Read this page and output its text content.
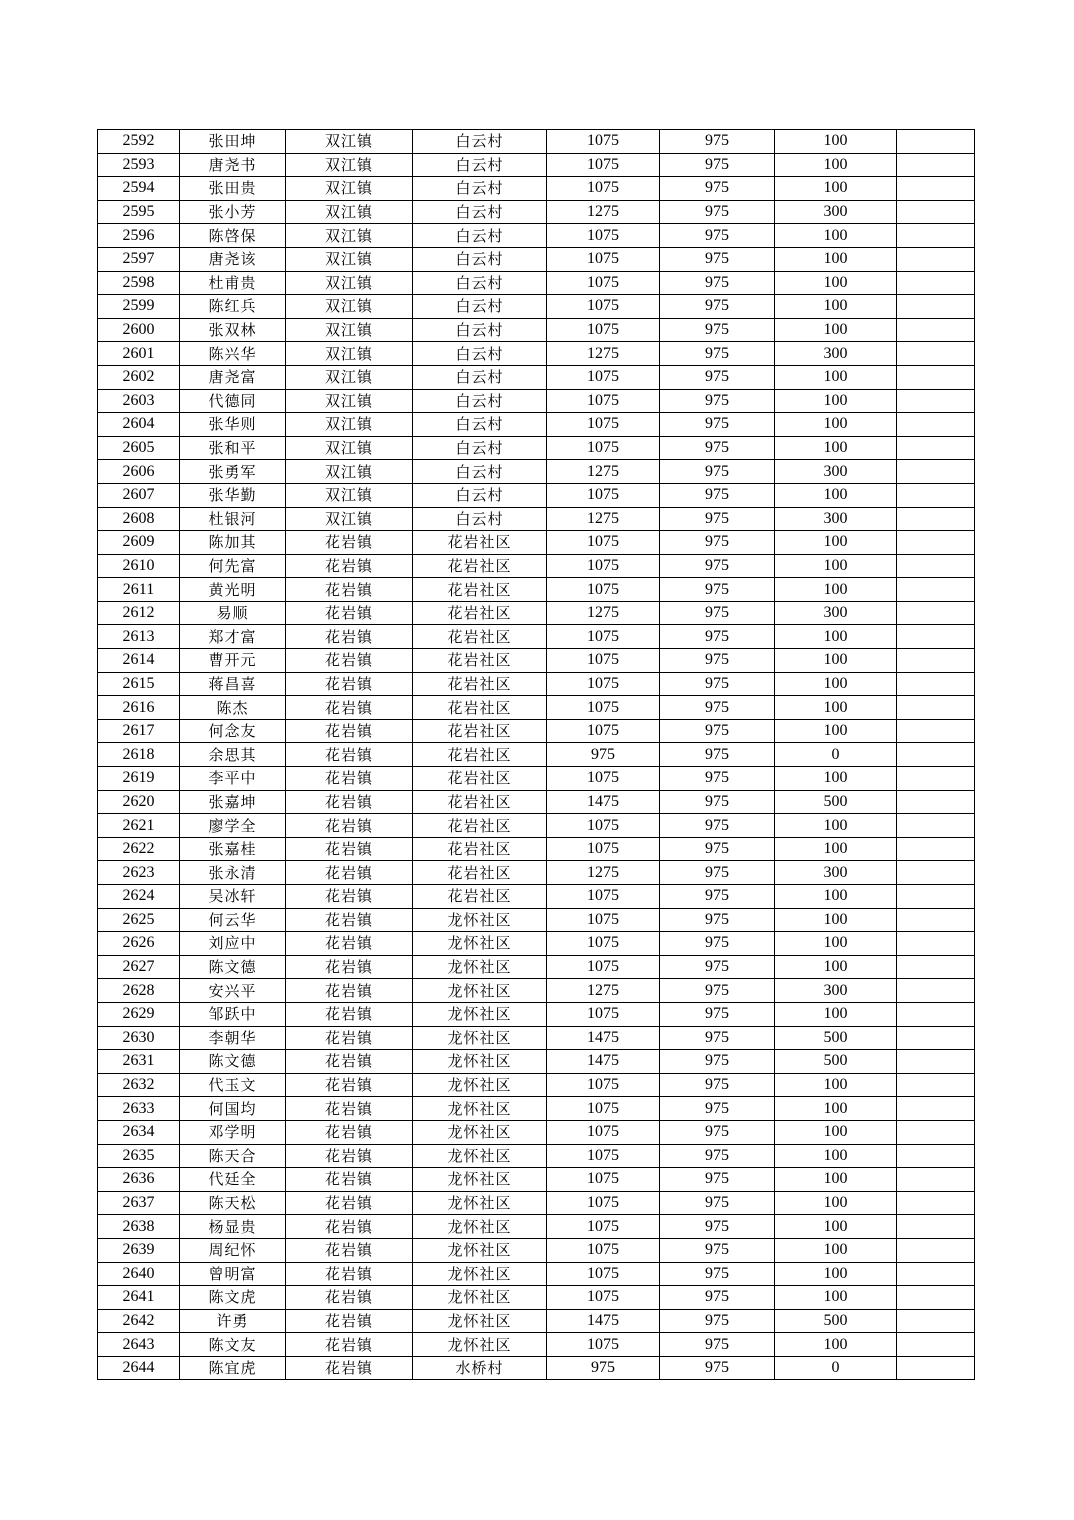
2592	张田坤	双江镇	白云村	1075	975	100	
2593	唐尧书	双江镇	白云村	1075	975	100	
2594	张田贵	双江镇	白云村	1075	975	100	
2595	张小芳	双江镇	白云村	1275	975	300	
2596	陈啓保	双江镇	白云村	1075	975	100	
2597	唐尧该	双江镇	白云村	1075	975	100	
2598	杜甫贵	双江镇	白云村	1075	975	100	
2599	陈红兵	双江镇	白云村	1075	975	100	
2600	张双林	双江镇	白云村	1075	975	100	
2601	陈兴华	双江镇	白云村	1275	975	300	
2602	唐尧富	双江镇	白云村	1075	975	100	
2603	代德同	双江镇	白云村	1075	975	100	
2604	张华则	双江镇	白云村	1075	975	100	
2605	张和平	双江镇	白云村	1075	975	100	
2606	张勇军	双江镇	白云村	1275	975	300	
2607	张华勤	双江镇	白云村	1075	975	100	
2608	杜银河	双江镇	白云村	1275	975	300	
2609	陈加其	花岩镇	花岩社区	1075	975	100	
2610	何先富	花岩镇	花岩社区	1075	975	100	
2611	黄光明	花岩镇	花岩社区	1075	975	100	
2612	易顺	花岩镇	花岩社区	1275	975	300	
2613	郑才富	花岩镇	花岩社区	1075	975	100	
2614	曹开元	花岩镇	花岩社区	1075	975	100	
2615	蒋昌喜	花岩镇	花岩社区	1075	975	100	
2616	陈杰	花岩镇	花岩社区	1075	975	100	
2617	何念友	花岩镇	花岩社区	1075	975	100	
2618	余思其	花岩镇	花岩社区	975	975	0	
2619	李平中	花岩镇	花岩社区	1075	975	100	
2620	张嘉坤	花岩镇	花岩社区	1475	975	500	
2621	廖学全	花岩镇	花岩社区	1075	975	100	
2622	张嘉桂	花岩镇	花岩社区	1075	975	100	
2623	张永清	花岩镇	花岩社区	1275	975	300	
2624	吴冰轩	花岩镇	花岩社区	1075	975	100	
2625	何云华	花岩镇	龙怀社区	1075	975	100	
2626	刘应中	花岩镇	龙怀社区	1075	975	100	
2627	陈文德	花岩镇	龙怀社区	1075	975	100	
2628	安兴平	花岩镇	龙怀社区	1275	975	300	
2629	邹跃中	花岩镇	龙怀社区	1075	975	100	
2630	李朝华	花岩镇	龙怀社区	1475	975	500	
2631	陈文德	花岩镇	龙怀社区	1475	975	500	
2632	代玉文	花岩镇	龙怀社区	1075	975	100	
2633	何国均	花岩镇	龙怀社区	1075	975	100	
2634	邓学明	花岩镇	龙怀社区	1075	975	100	
2635	陈天合	花岩镇	龙怀社区	1075	975	100	
2636	代廷全	花岩镇	龙怀社区	1075	975	100	
2637	陈天松	花岩镇	龙怀社区	1075	975	100	
2638	杨显贵	花岩镇	龙怀社区	1075	975	100	
2639	周纪怀	花岩镇	龙怀社区	1075	975	100	
2640	曾明富	花岩镇	龙怀社区	1075	975	100	
2641	陈文虎	花岩镇	龙怀社区	1075	975	100	
2642	许勇	花岩镇	龙怀社区	1475	975	500	
2643	陈文友	花岩镇	龙怀社区	1075	975	100	
2644	陈宜虎	花岩镇	水桥村	975	975	0	
